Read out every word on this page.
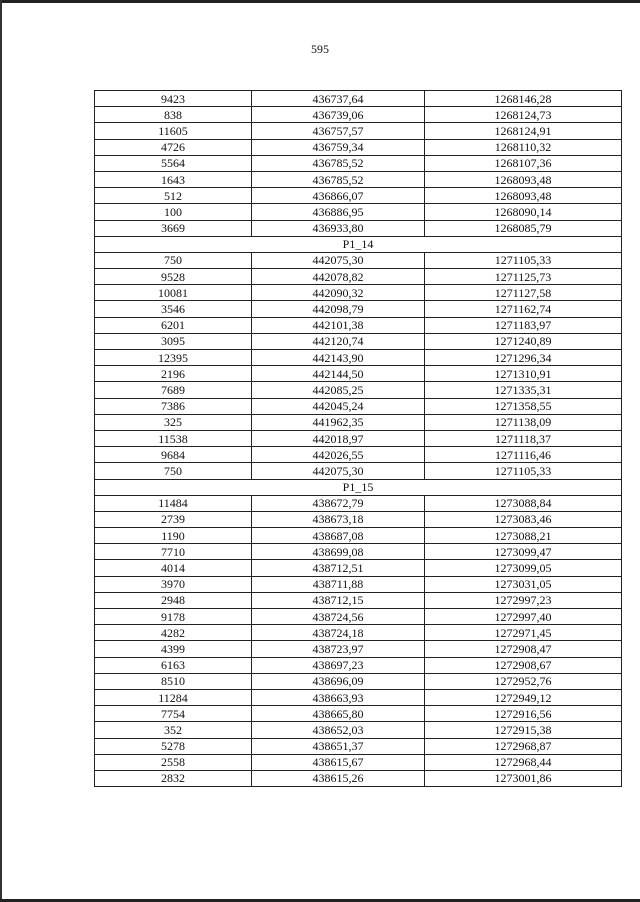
595
9423	436737,64	1268146,28
838	436739,06	1268124,73
11605	436757,57	1268124,91
4726	436759,34	1268110,32
5564	436785,52	1268107,36
1643	436785,52	1268093,48
512	436866,07	1268093,48
100	436886,95	1268090,14
3669	436933,80	1268085,79
P1_14		
750	442075,30	1271105,33
9528	442078,82	1271125,73
10081	442090,32	1271127,58
3546	442098,79	1271162,74
6201	442101,38	1271183,97
3095	442120,74	1271240,89
12395	442143,90	1271296,34
2196	442144,50	1271310,91
7689	442085,25	1271335,31
7386	442045,24	1271358,55
325	441962,35	1271138,09
11538	442018,97	1271118,37
9684	442026,55	1271116,46
750	442075,30	1271105,33
P1_15		
11484	438672,79	1273088,84
2739	438673,18	1273083,46
1190	438687,08	1273088,21
7710	438699,08	1273099,47
4014	438712,51	1273099,05
3970	438711,88	1273031,05
2948	438712,15	1272997,23
9178	438724,56	1272997,40
4282	438724,18	1272971,45
4399	438723,97	1272908,47
6163	438697,23	1272908,67
8510	438696,09	1272952,76
11284	438663,93	1272949,12
7754	438665,80	1272916,56
352	438652,03	1272915,38
5278	438651,37	1272968,87
2558	438615,67	1272968,44
2832	438615,26	1273001,86
